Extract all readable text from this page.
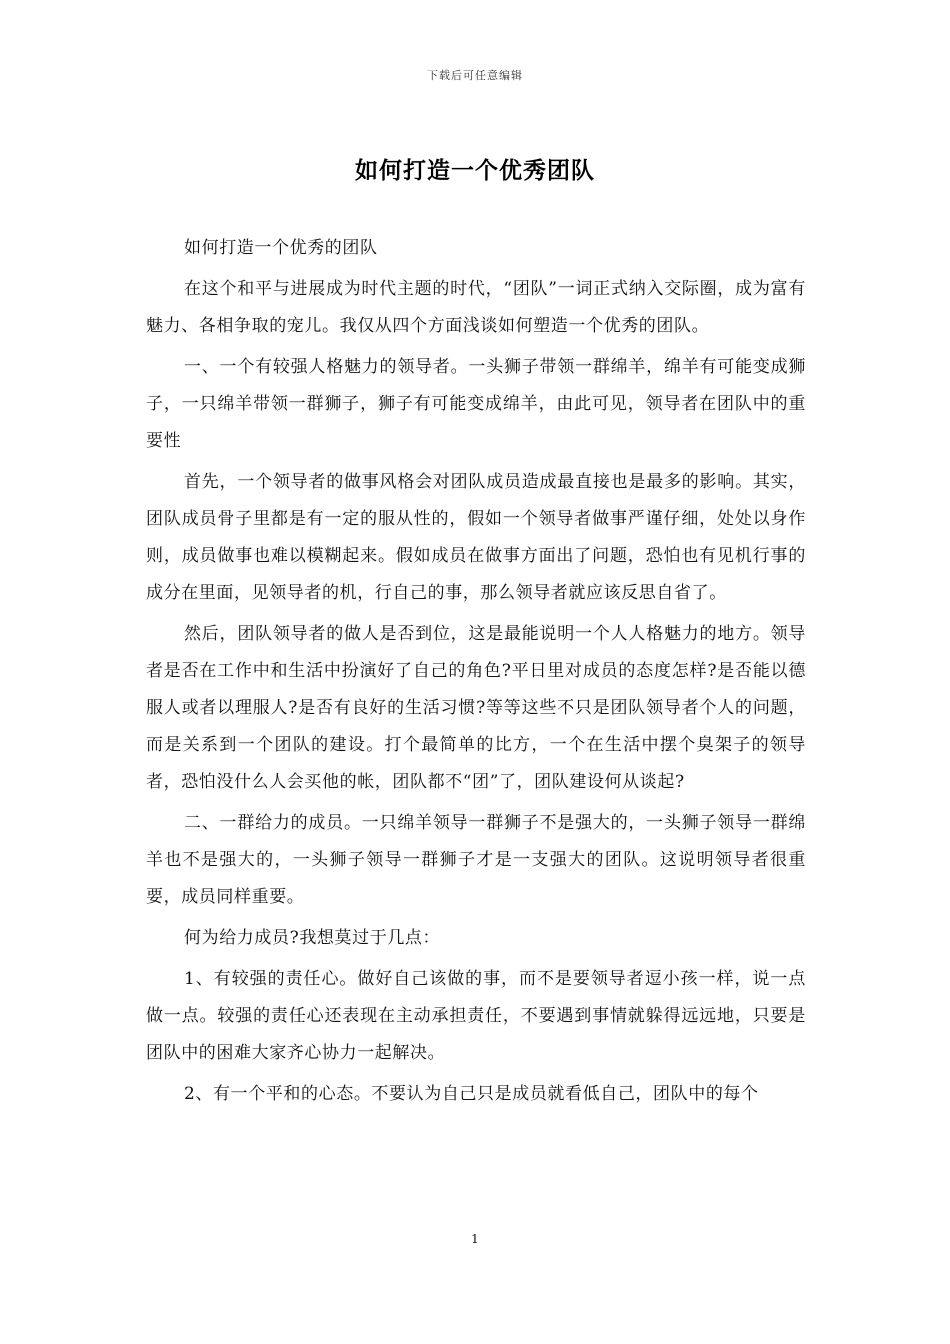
下载后可任意编辑
如何打造一个优秀团队

如何打造一个优秀的团队

在这个和平与进展成为时代主题的时代，“团队”一词正式纳入交际圈，成为富有魅力、各相争取的宠儿。我仅从四个方面浅谈如何塑造一个优秀的团队。

一、一个有较强人格魅力的领导者。一头狮子带领一群绵羊，绵羊有可能变成狮子，一只绵羊带领一群狮子，狮子有可能变成绵羊，由此可见，领导者在团队中的重要性

首先，一个领导者的做事风格会对团队成员造成最直接也是最多的影响。其实，团队成员骨子里都是有一定的服从性的，假如一个领导者做事严谨仔细，处处以身作则，成员做事也难以模糊起来。假如成员在做事方面出了问题，恐怕也有见机行事的成分在里面，见领导者的机，行自己的事，那么领导者就应该反思自省了。

然后，团队领导者的做人是否到位，这是最能说明一个人人格魅力的地方。领导者是否在工作中和生活中扮演好了自己的角色?平日里对成员的态度怎样?是否能以德服人或者以理服人?是否有良好的生活习惯?等等这些不只是团队领导者个人的问题，而是关系到一个团队的建设。打个最简单的比方，一个在生活中摆个臭架子的领导者，恐怕没什么人会买他的帐，团队都不“团”了，团队建设何从谈起?

二、一群给力的成员。一只绵羊领导一群狮子不是强大的，一头狮子领导一群绵羊也不是强大的，一头狮子领导一群狮子才是一支强大的团队。这说明领导者很重要，成员同样重要。

何为给力成员?我想莫过于几点：

1、有较强的责任心。做好自己该做的事，而不是要领导者逗小孩一样，说一点做一点。较强的责任心还表现在主动承担责任，不要遇到事情就躲得远远地，只要是团队中的困难大家齐心协力一起解决。

2、有一个平和的心态。不要认为自己只是成员就看低自己，团队中的每个

1
